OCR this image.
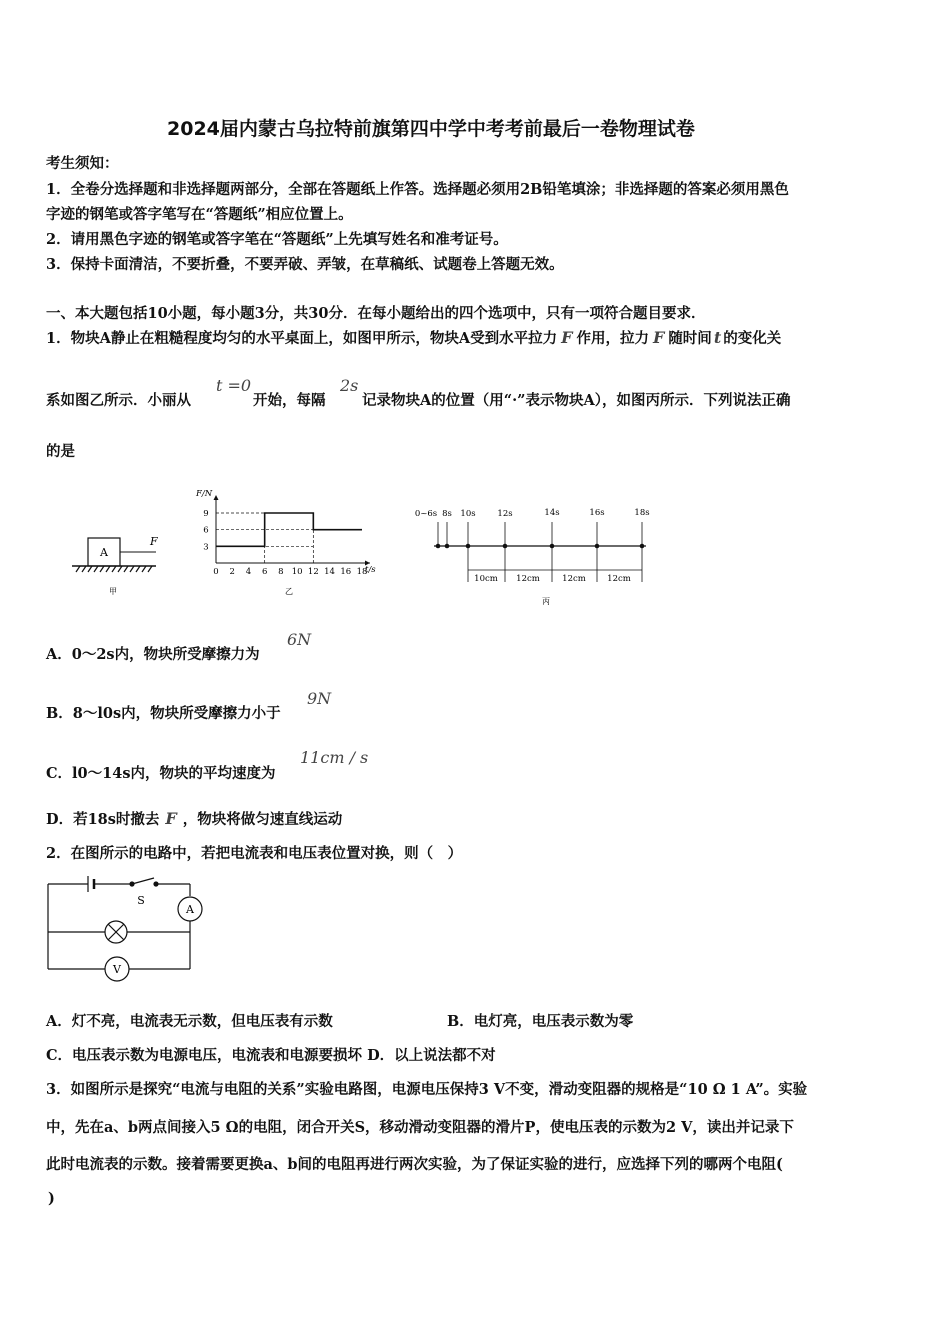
2024届内蒙古乌拉特前旗第四中学中考考前最后一卷物理试卷
考生须知：
1．全卷分选择题和非选择题两部分，全部在答题纸上作答。选择题必须用2B铅笔填涂；非选择题的答案必须用黑色
字迹的钢笔或答字笔写在“答题纸”相应位置上。
2．请用黑色字迹的钢笔或答字笔在“答题纸”上先填写姓名和准考证号。
3．保持卡面清洁，不要折叠，不要弄破、弄皱，在草稿纸、试题卷上答题无效。
一、本大题包括10小题，每小题3分，共30分．在每小题给出的四个选项中，只有一项符合题目要求．
1．物块A静止在粗糙程度均匀的水平桌面上，如图甲所示，物块A受到水平拉力 F 作用，拉力 F 随时间 t 的变化关
系如图乙所示．小丽从
t =0
开始，每隔
2s
记录物块A的位置（用“·”表示物块A），如图丙所示．下列说法正确
的是
A
F
甲
9
6
3
0 2 4 6 8 10 12 14 16 18
F/N
t/s
乙
0~6s 8s 10s	12s	14s	16s	18s
10cm 12cm	12cm	12cm
丙
A．0～2s内，物块所受摩擦力为
6N
B．8～l0s内，物块所受摩擦力小于
9N
C．l0～14s内，物块的平均速度为
11cm / s
D．若18s时撤去 F ，物块将做匀速直线运动
2．在图所示的电路中，若把电流表和电压表位置对换，则（　）
S
A
V
A．灯不亮，电流表无示数，但电压表有示数	B．电灯亮，电压表示数为零
C．电压表示数为电源电压，电流表和电源要损坏 D．以上说法都不对
3．如图所示是探究“电流与电阻的关系”实验电路图，电源电压保持3 V不变，滑动变阻器的规格是“10 Ω 1 A”。实验
中，先在a、b两点间接入5 Ω的电阻，闭合开关S，移动滑动变阻器的滑片P，使电压表的示数为2 V，读出并记录下
此时电流表的示数。接着需要更换a、b间的电阻再进行两次实验，为了保证实验的进行，应选择下列的哪两个电阻(
)
